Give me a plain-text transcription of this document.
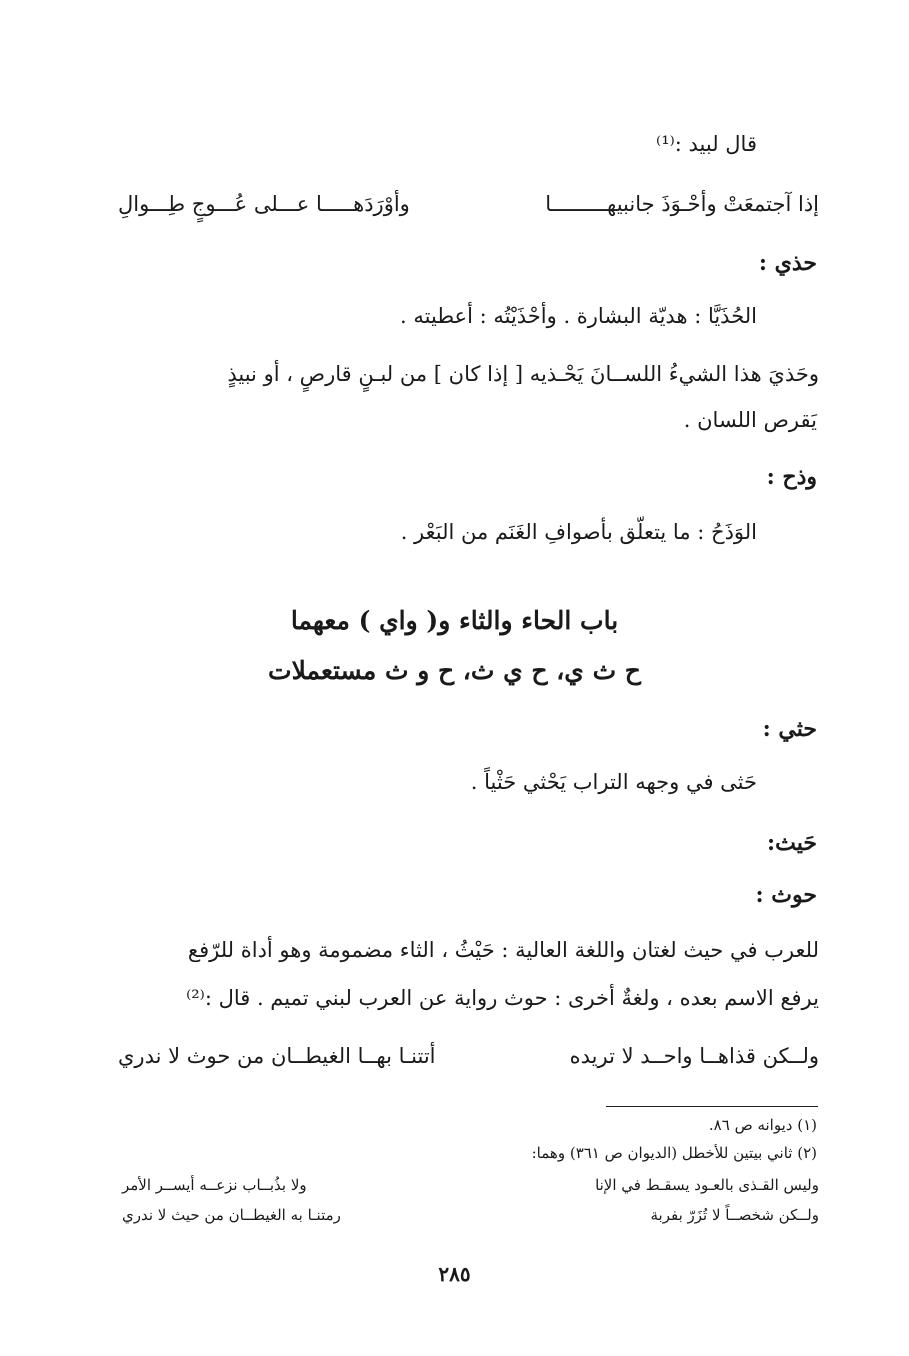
قال لبيد :⁽¹⁾
إذا آجتمعَتْ وأحْـوَذَ جانبيهـــــــــا
وأوْرَدَهـــــا عـــلى عُـــوجٍ طِـــوالِ
حذي :
الحُذَيَّا : هديّة البشارة . وأحْذَيْتُه : أعطيته .
وحَذيَ هذا الشيءُ اللســانَ يَحْـذيه [ إذا كان ] من لبـنٍ قارصٍ ، أو نبيذٍ
يَقرص اللسان .
وذح :
الوَذَحُ : ما يتعلّق بأصوافِ الغَنَم من البَعْر .
باب الحاء والثاء و( واي ) معهما
ح ث ي، ح ي ث، ح و ث مستعملات
حثي :
حَثى في وجهه التراب يَحْثي حَثْياً .
حَيث:
حوث :
للعرب في حيث لغتان واللغة العالية : حَيْثُ ، الثاء مضمومة وهو أداة للرّفع
يرفع الاسم بعده ، ولغةٌ أخرى : حوث رواية عن العرب لبني تميم . قال :⁽²⁾
ولــكن قذاهــا واحــد لا تريده
أتتنـا بهــا الغيطــان من حوث لا ندري
(١) ديوانه ص ٨٦.
(٢) ثاني بيتين للأخطل (الديوان ص ٣٦١) وهما:
وليس القـذى بالعـود يسقـط في الإنا
ولا بذُبــاب نزعــه أيســر الأمر
ولــكن شخصــاً لا تُزَرّ بفربة
رمتنـا به الغيطــان من حيث لا ندري
٢٨٥
